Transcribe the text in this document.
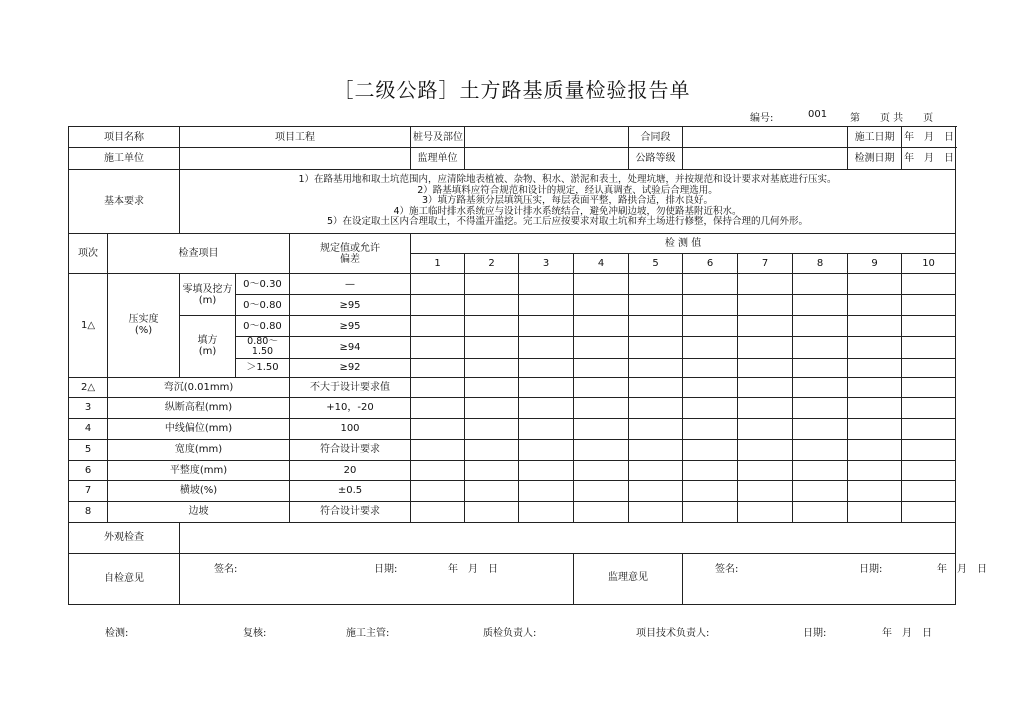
［二级公路］土方路基质量检验报告单
编号:	001 第　　页 共　　页
项目名称		项目工程			桩号及部位				合同段				施工日期	年　月　日
施工单位					监理单位				公路等级				检测日期	年　月　日
基本要求		1）在路基用地和取土坑范围内，应清除地表植被、杂物、积水、淤泥和表土，处理坑塘，并按规范和设计要求对基底进行压实。
2）路基填料应符合规范和设计的规定，经认真调查、试验后合理选用。
3）填方路基须分层填筑压实，每层表面平整，路拱合适，排水良好。
4）施工临时排水系统应与设计排水系统结合，避免冲刷边坡，勿使路基附近积水。
5）在设定取土区内合理取土，不得滥开滥挖。完工后应按要求对取土坑和弃土场进行修整，保持合理的几何外形。												

项次	检查项目			规定值或允许偏差	检 测 值									
					1	2	3	4	5	6	7	8	9	10
1△	压实度(%)	零填及挖方(m)	0～0.30	—										
			0～0.80	≥95										
		填方(m)	0～0.80	≥95										
			0.80～1.50	≥94										
			＞1.50	≥92										
2△	弯沉(0.01mm)			不大于设计要求值										
3	纵断高程(mm)			+10，-20										
4	中线偏位(mm)			100										
5	宽度(mm)			符合设计要求										
6	平整度(mm)			20										
7	横坡(%)			±0.5										
8	边坡			符合设计要求										
外观检查														
自检意见		签名: 日期: 年　月　日						监理意见		签名: 日期: 年　月　日				
检测:	复核:	施工主管:	质检负责人:	项目技术负责人:	日期:	年　月　日
